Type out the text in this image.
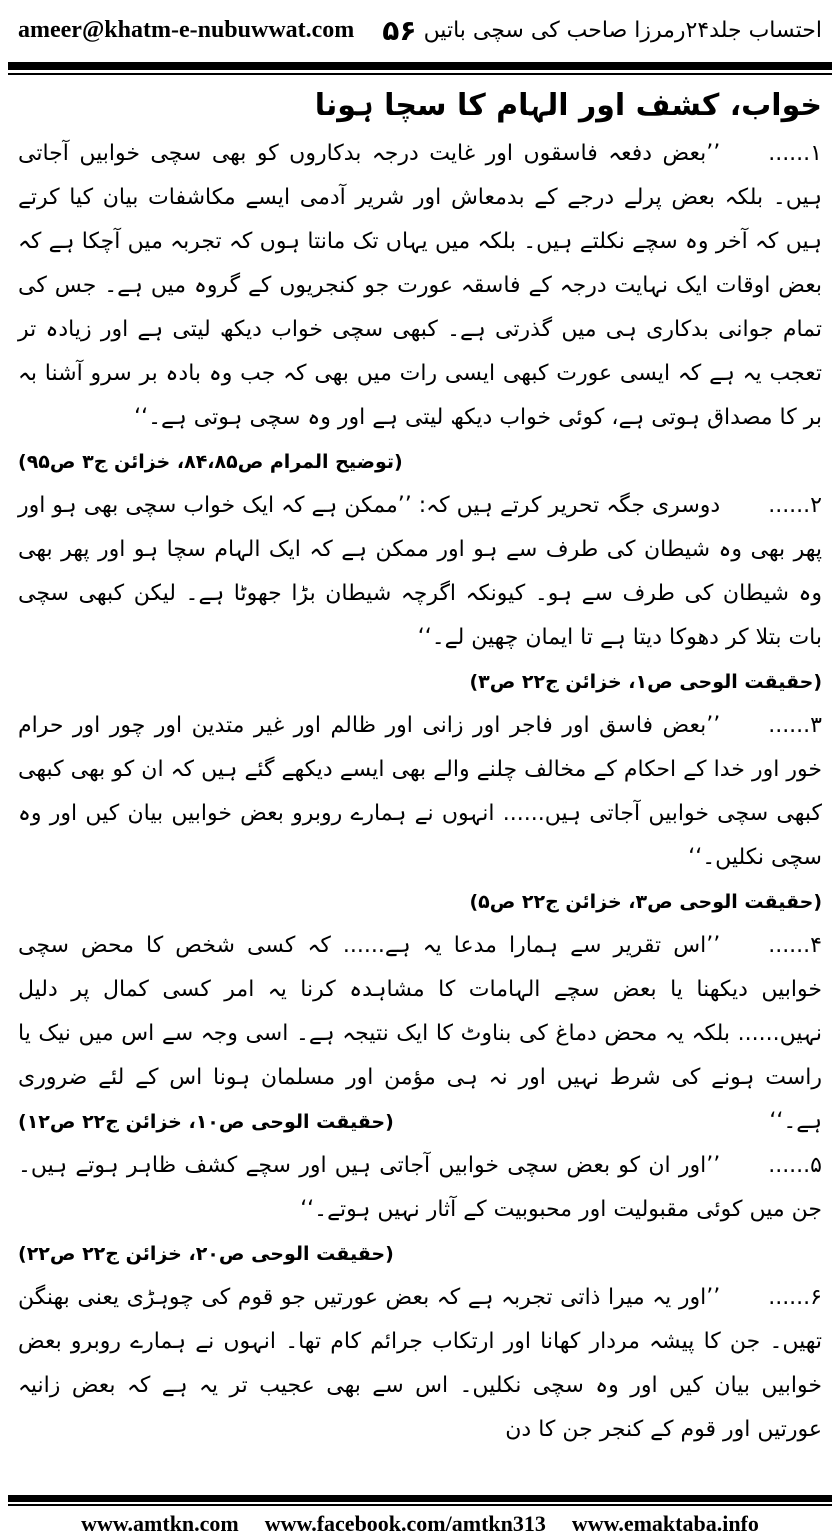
ameer@khatm-e-nubuwwat.com ۵۶ احتساب جلد۲۴رمرزا صاحب کی سچی باتیں

خواب، کشف اور الہام کا سچا ہونا

۱......’’بعض دفعہ فاسقوں اور غایت درجہ بدکاروں کو بھی سچی خوابیں آجاتی ہیں۔ بلکہ بعض پرلے درجے کے بدمعاش اور شریر آدمی ایسے مکاشفات بیان کیا کرتے ہیں کہ آخر وہ سچے نکلتے ہیں۔ بلکہ میں یہاں تک مانتا ہوں کہ تجربہ میں آچکا ہے کہ بعض اوقات ایک نہایت درجہ کے فاسقہ عورت جو کنجریوں کے گروہ میں ہے۔ جس کی تمام جوانی بدکاری ہی میں گذرتی ہے۔ کبھی سچی خواب دیکھ لیتی ہے اور زیادہ تر تعجب یہ ہے کہ ایسی عورت کبھی ایسی رات میں بھی کہ جب وہ بادہ بر سرو آشنا بہ بر کا مصداق ہوتی ہے، کوئی خواب دیکھ لیتی ہے اور وہ سچی ہوتی ہے۔‘‘
(توضیح المرام ص۸۴،۸۵، خزائن ج۳ ص۹۵)

۲......دوسری جگہ تحریر کرتے ہیں کہ: ’’ممکن ہے کہ ایک خواب سچی بھی ہو اور پھر بھی وہ شیطان کی طرف سے ہو اور ممکن ہے کہ ایک الہام سچا ہو اور پھر بھی وہ شیطان کی طرف سے ہو۔ کیونکہ اگرچہ شیطان بڑا جھوٹا ہے۔ لیکن کبھی سچی بات بتلا کر دھوکا دیتا ہے تا ایمان چھین لے۔‘‘

(حقیقت الوحی ص۱، خزائن ج۲۲ ص۳)

۳......’’بعض فاسق اور فاجر اور زانی اور ظالم اور غیر متدین اور چور اور حرام خور اور خدا کے احکام کے مخالف چلنے والے بھی ایسے دیکھے گئے ہیں کہ ان کو بھی کبھی کبھی سچی خوابیں آجاتی ہیں...... انہوں نے ہمارے روبرو بعض خوابیں بیان کیں اور وہ سچی نکلیں۔‘‘

(حقیقت الوحی ص۳، خزائن ج۲۲ ص۵)

۴......’’اس تقریر سے ہمارا مدعا یہ ہے...... کہ کسی شخص کا محض سچی خوابیں دیکھنا یا بعض سچے الہامات کا مشاہدہ کرنا یہ امر کسی کمال پر دلیل نہیں...... بلکہ یہ محض دماغ کی بناوٹ کا ایک نتیجہ ہے۔ اسی وجہ سے اس میں نیک یا راست ہونے کی شرط نہیں اور نہ ہی مؤمن اور مسلمان ہونا اس کے لئے ضروری ہے۔‘‘
(حقیقت الوحی ص۱۰، خزائن ج۲۲ ص۱۲)

۵......’’اور ان کو بعض سچی خوابیں آجاتی ہیں اور سچے کشف ظاہر ہوتے ہیں۔ جن میں کوئی مقبولیت اور محبوبیت کے آثار نہیں ہوتے۔‘‘
(حقیقت الوحی ص۲۰، خزائن ج۲۲ ص۲۲)

۶......’’اور یہ میرا ذاتی تجربہ ہے کہ بعض عورتیں جو قوم کی چوہڑی یعنی بھنگن تھیں۔ جن کا پیشہ مردار کھانا اور ارتکاب جرائم کام تھا۔ انہوں نے ہمارے روبرو بعض خوابیں بیان کیں اور وہ سچی نکلیں۔ اس سے بھی عجیب تر یہ ہے کہ بعض زانیہ عورتیں اور قوم کے کنجر جن کا دن

www.amtkn.com www.facebook.com/amtkn313 www.emaktaba.info
